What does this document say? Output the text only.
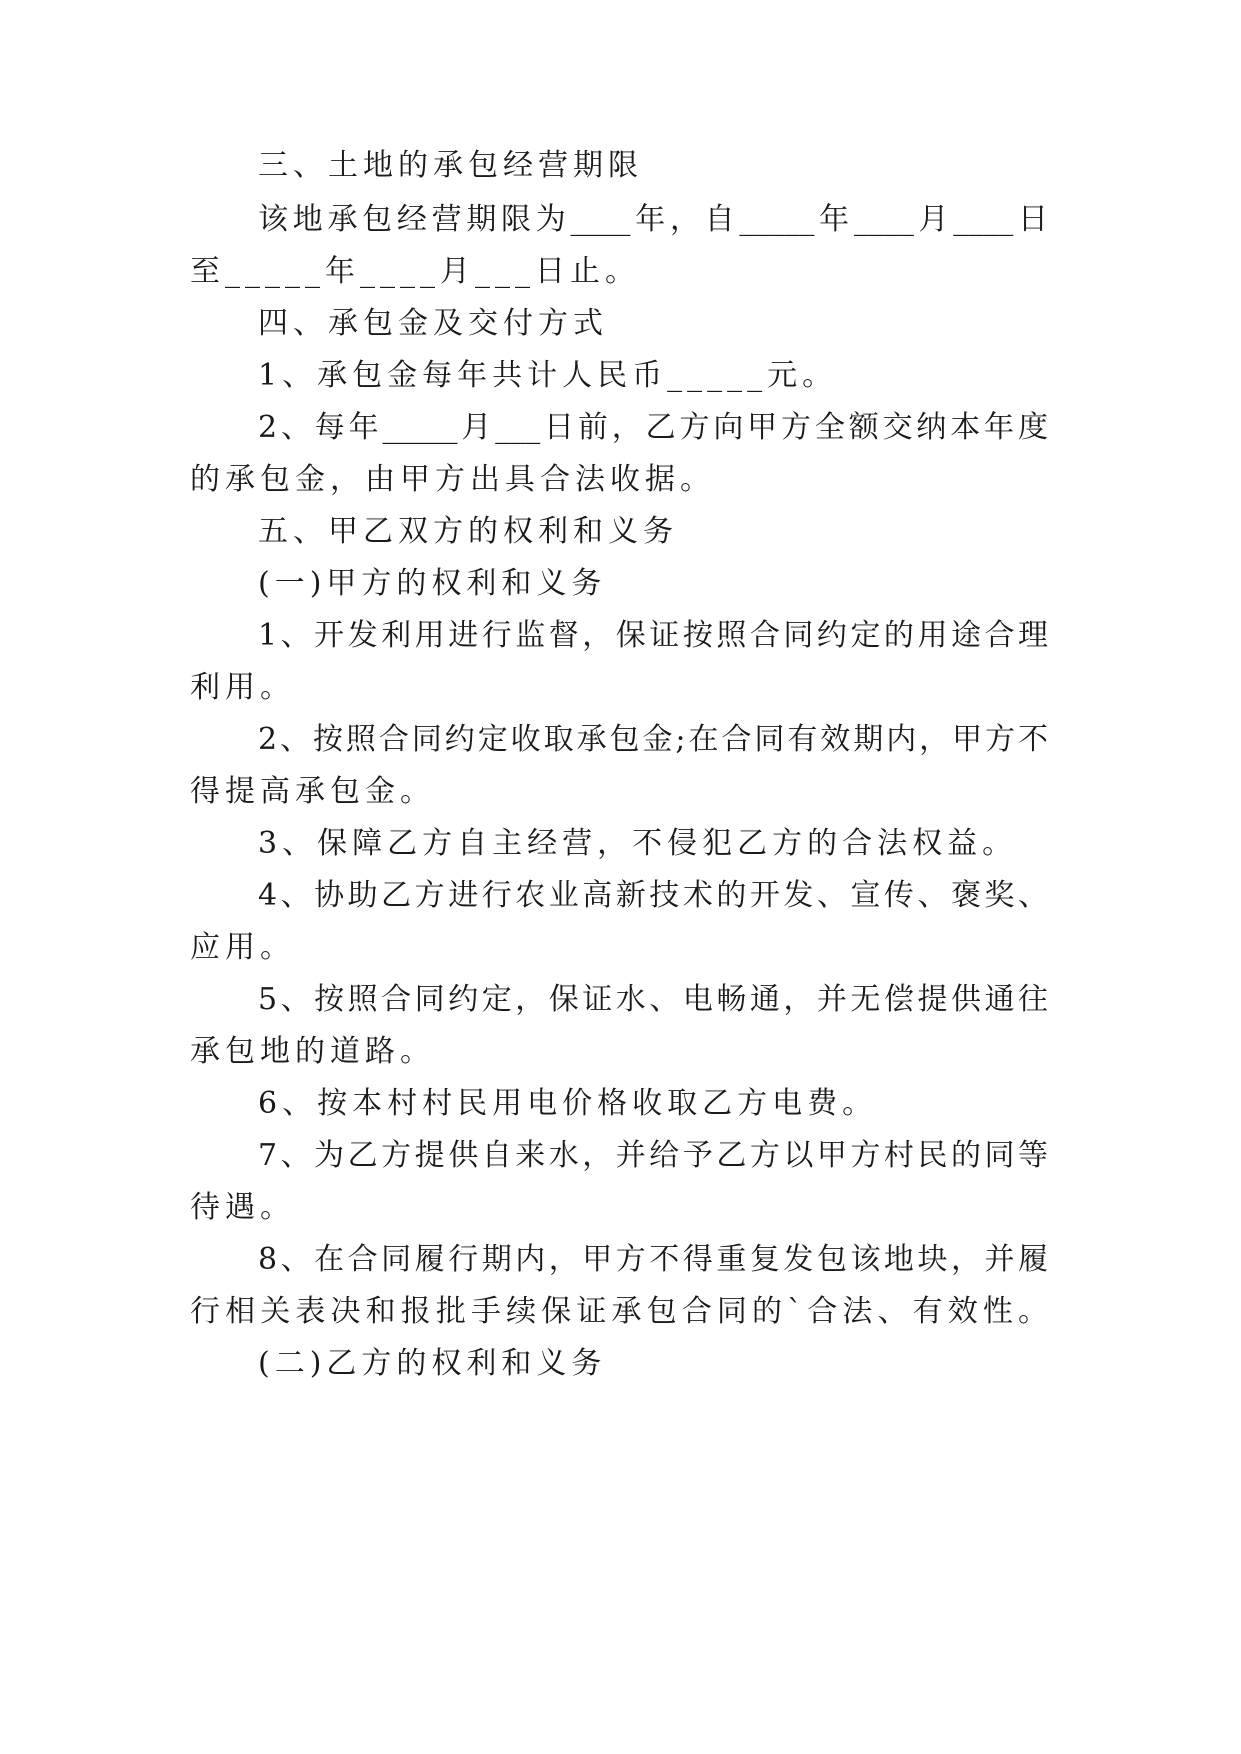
三、土地的承包经营期限

该地承包经营期限为____年，自_____年____月____日

至_____年____月___日止。

四、承包金及交付方式

1、承包金每年共计人民币_____元。

2、每年_____月___日前，乙方向甲方全额交纳本年度

的承包金，由甲方出具合法收据。

五、甲乙双方的权利和义务

(一)甲方的权利和义务

1、开发利用进行监督，保证按照合同约定的用途合理

利用。

2、按照合同约定收取承包金;在合同有效期内，甲方不

得提高承包金。

3、保障乙方自主经营，不侵犯乙方的合法权益。

4、协助乙方进行农业高新技术的开发、宣传、褒奖、

应用。

5、按照合同约定，保证水、电畅通，并无偿提供通往

承包地的道路。

6、按本村村民用电价格收取乙方电费。

7、为乙方提供自来水，并给予乙方以甲方村民的同等

待遇。

8、在合同履行期内，甲方不得重复发包该地块，并履

行相关表决和报批手续保证承包合同的`合法、有效性。

(二)乙方的权利和义务
